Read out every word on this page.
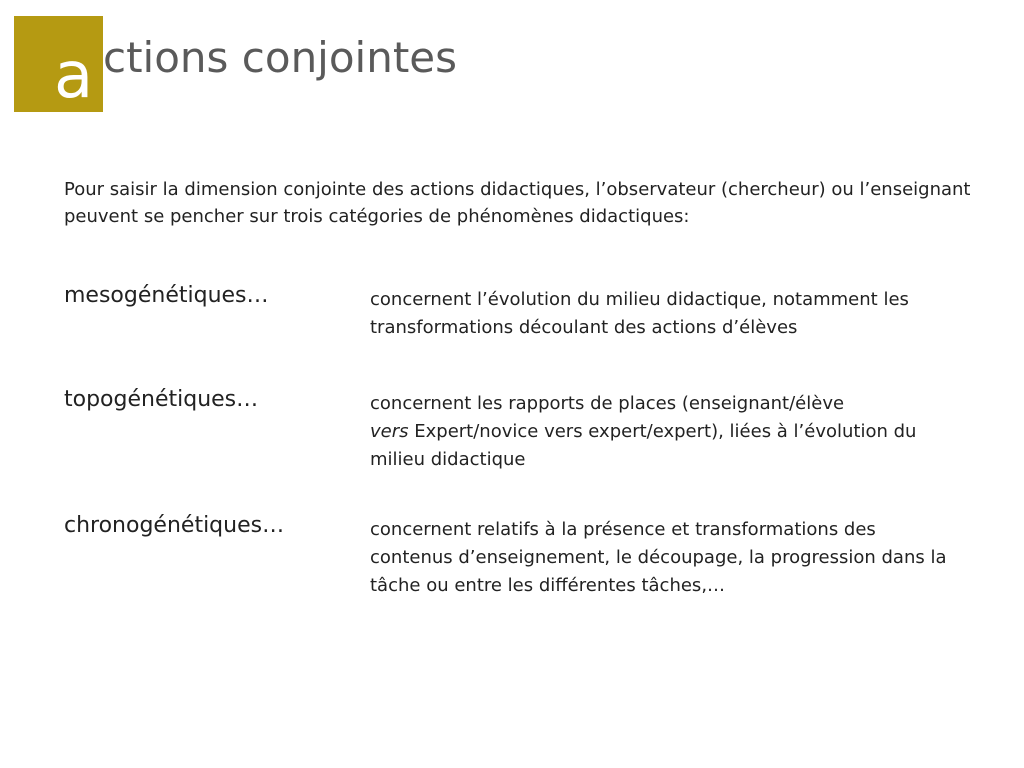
a ctions conjointes
Pour saisir la dimension conjointe des actions didactiques, l’observateur (chercheur) ou l’enseignant peuvent se pencher sur trois catégories de phénomènes didactiques:
mesogénétiques…	concernent l’évolution du milieu didactique, notamment les transformations découlant des actions d’élèves
topogénétiques…	concernent les rapports de places (enseignant/élève
vers Expert/novice vers expert/expert), liées à l’évolution du milieu didactique
chronogénétiques…	concernent relatifs à la présence et transformations des contenus d’enseignement, le découpage, la progression dans la tâche ou entre les différentes tâches,…
